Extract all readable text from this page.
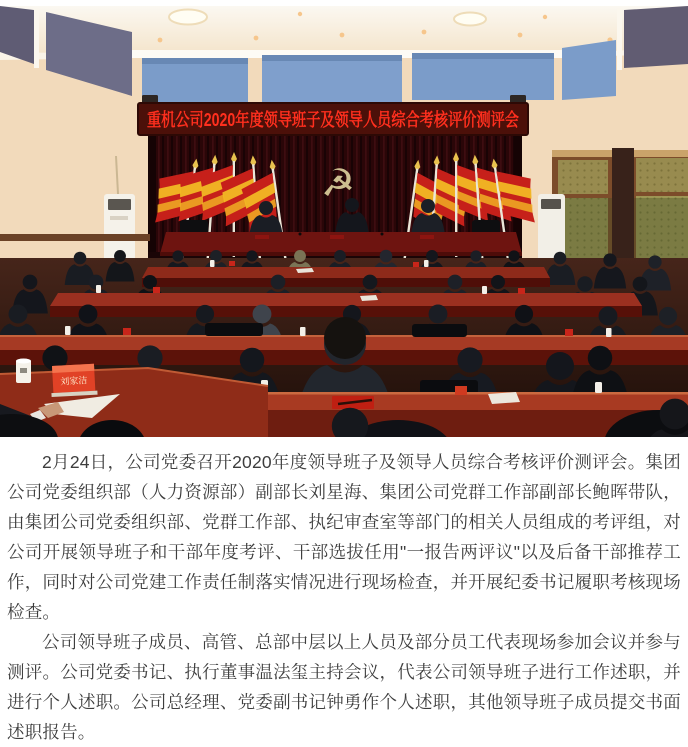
☭
重机公司2020年度领导班子及领导人员综合考核评价测评会
刘家洁

2月24日，公司党委召开2020年度领导班子及领导人员综合考核评价测评会。集团公司党委组织部（人力资源部）副部长刘星海、集团公司党群工作部副部长鲍晖带队，由集团公司党委组织部、党群工作部、执纪审查室等部门的相关人员组成的考评组，对公司开展领导班子和干部年度考评、干部选拔任用"一报告两评议"以及后备干部推荐工作，同时对公司党建工作责任制落实情况进行现场检查，并开展纪委书记履职考核现场检查。

公司领导班子成员、高管、总部中层以上人员及部分员工代表现场参加会议并参与测评。公司党委书记、执行董事温法玺主持会议，代表公司领导班子进行工作述职，并进行个人述职。公司总经理、党委副书记钟勇作个人述职，其他领导班子成员提交书面述职报告。
